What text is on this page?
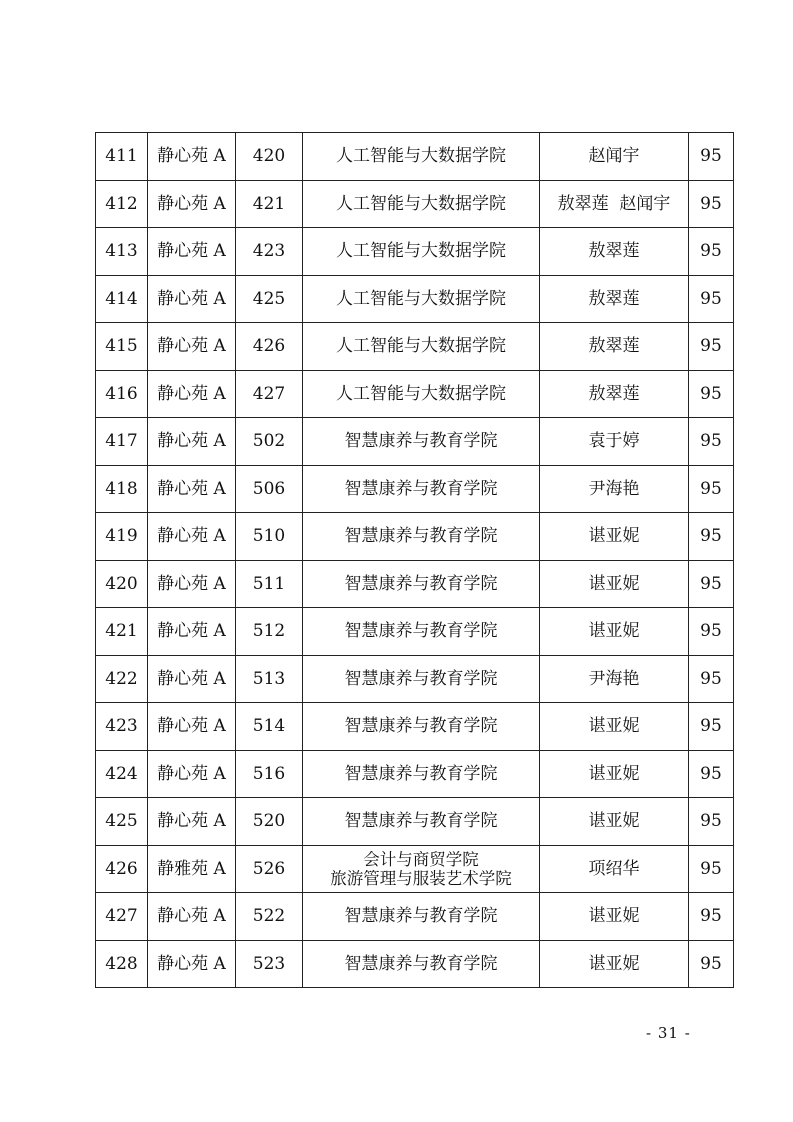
411	静心苑 A	420	人工智能与大数据学院	赵闻宇	95
412	静心苑 A	421	人工智能与大数据学院	敖翠莲  赵闻宇	95
413	静心苑 A	423	人工智能与大数据学院	敖翠莲	95
414	静心苑 A	425	人工智能与大数据学院	敖翠莲	95
415	静心苑 A	426	人工智能与大数据学院	敖翠莲	95
416	静心苑 A	427	人工智能与大数据学院	敖翠莲	95
417	静心苑 A	502	智慧康养与教育学院	袁于婷	95
418	静心苑 A	506	智慧康养与教育学院	尹海艳	95
419	静心苑 A	510	智慧康养与教育学院	谌亚妮	95
420	静心苑 A	511	智慧康养与教育学院	谌亚妮	95
421	静心苑 A	512	智慧康养与教育学院	谌亚妮	95
422	静心苑 A	513	智慧康养与教育学院	尹海艳	95
423	静心苑 A	514	智慧康养与教育学院	谌亚妮	95
424	静心苑 A	516	智慧康养与教育学院	谌亚妮	95
425	静心苑 A	520	智慧康养与教育学院	谌亚妮	95
426	静雅苑 A	526	会计与商贸学院
旅游管理与服装艺术学院	项绍华	95
427	静心苑 A	522	智慧康养与教育学院	谌亚妮	95
428	静心苑 A	523	智慧康养与教育学院	谌亚妮	95
- 31 -
